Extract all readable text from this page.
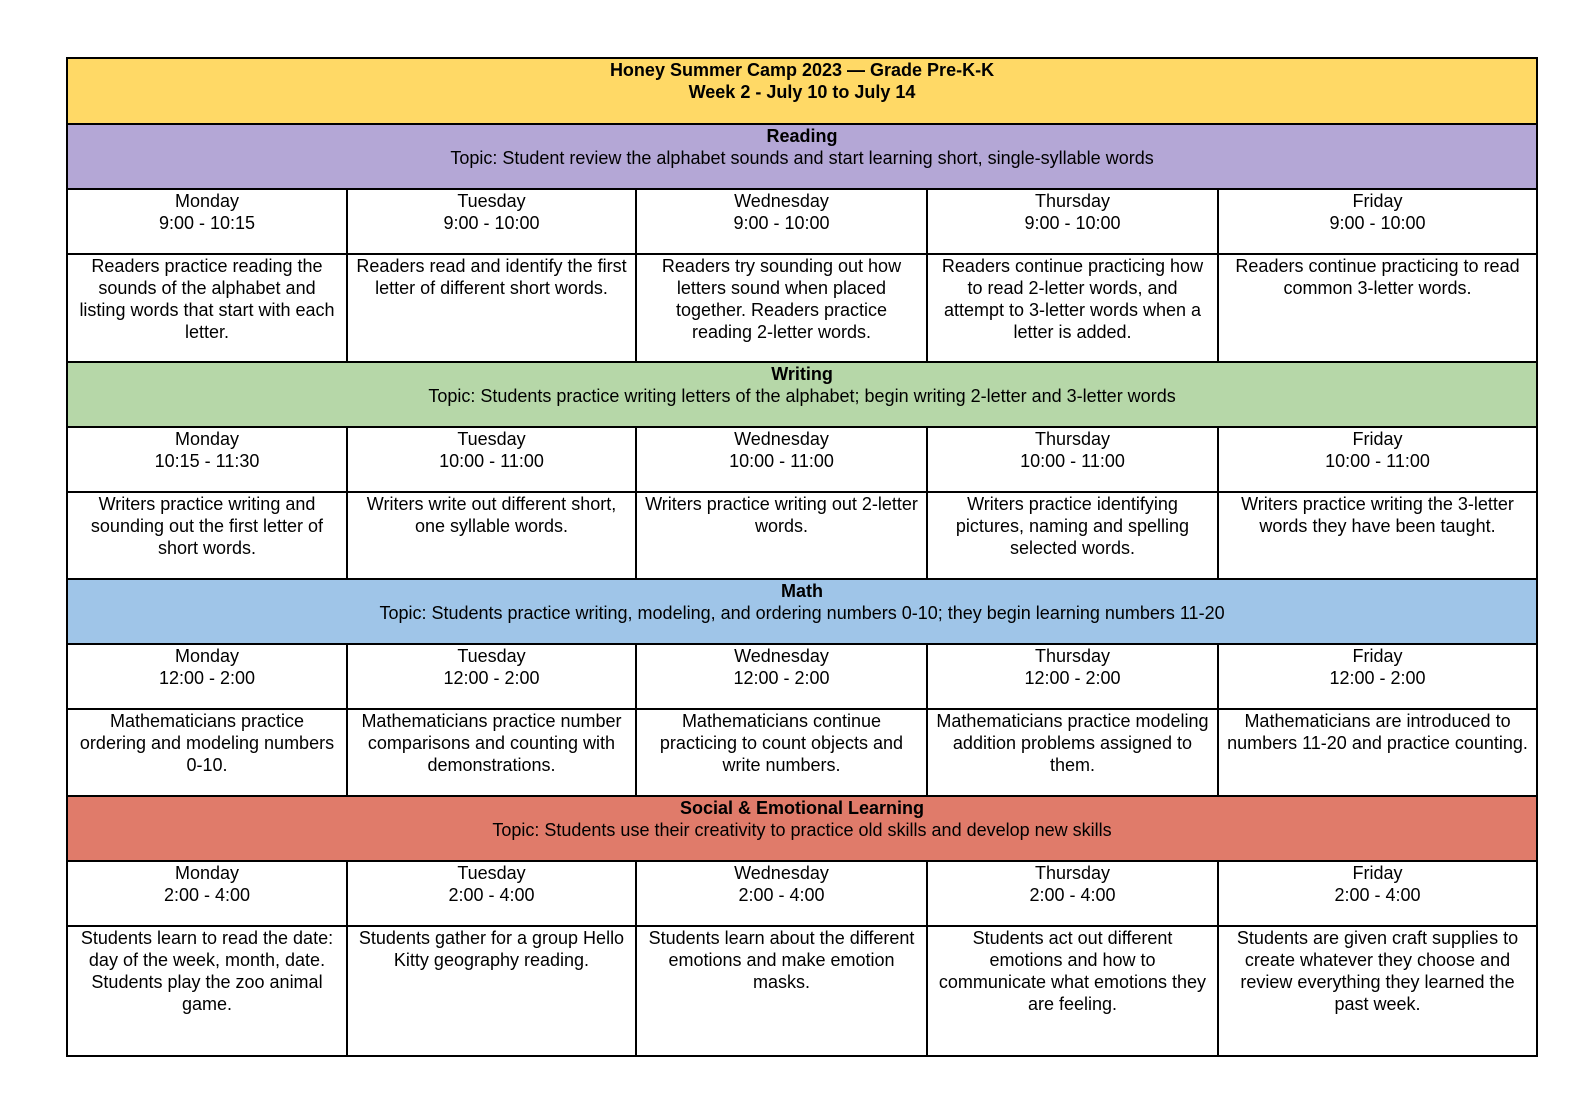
Honey Summer Camp 2023 — Grade Pre-K-K
Week 2 - July 10 to July 14				

Reading
Topic: Student review the alphabet sounds and start learning short, single-syllable words				

Monday
9:00 - 10:15	Tuesday
9:00 - 10:00	Wednesday
9:00 - 10:00	Thursday
9:00 - 10:00	Friday
9:00 - 10:00

Readers practice reading the sounds of the alphabet and listing words that start with each letter.	Readers read and identify the first letter of different short words.	Readers try sounding out how letters sound when placed together. Readers practice reading 2-letter words.	Readers continue practicing how to read 2-letter words, and attempt to 3-letter words when a letter is added.	Readers continue practicing to read common 3-letter words.

Writing
Topic: Students practice writing letters of the alphabet; begin writing 2-letter and 3-letter words				

Monday
10:15 - 11:30	Tuesday
10:00 - 11:00	Wednesday
10:00 - 11:00	Thursday
10:00 - 11:00	Friday
10:00 - 11:00

Writers practice writing and sounding out the first letter of short words.	Writers write out different short, one syllable words.	Writers practice writing out 2-letter words.	Writers practice identifying pictures, naming and spelling selected words.	Writers practice writing the 3-letter words they have been taught.

Math
Topic: Students practice writing, modeling, and ordering numbers 0-10; they begin learning numbers 11-20				

Monday
12:00 - 2:00	Tuesday
12:00 - 2:00	Wednesday
12:00 - 2:00	Thursday
12:00 - 2:00	Friday
12:00 - 2:00

Mathematicians practice ordering and modeling numbers 0-10.	Mathematicians practice number comparisons and counting with demonstrations.	Mathematicians continue practicing to count objects and write numbers.	Mathematicians practice modeling addition problems assigned to them.	Mathematicians are introduced to numbers 11-20 and practice counting.

Social & Emotional Learning
Topic: Students use their creativity to practice old skills and develop new skills				

Monday
2:00 - 4:00	Tuesday
2:00 - 4:00	Wednesday
2:00 - 4:00	Thursday
2:00 - 4:00	Friday
2:00 - 4:00

Students learn to read the date: day of the week, month, date. Students play the zoo animal game.	Students gather for a group Hello Kitty geography reading.	Students learn about the different emotions and make emotion masks.	Students act out different emotions and how to communicate what emotions they are feeling.	Students are given craft supplies to create whatever they choose and review everything they learned the past week.
